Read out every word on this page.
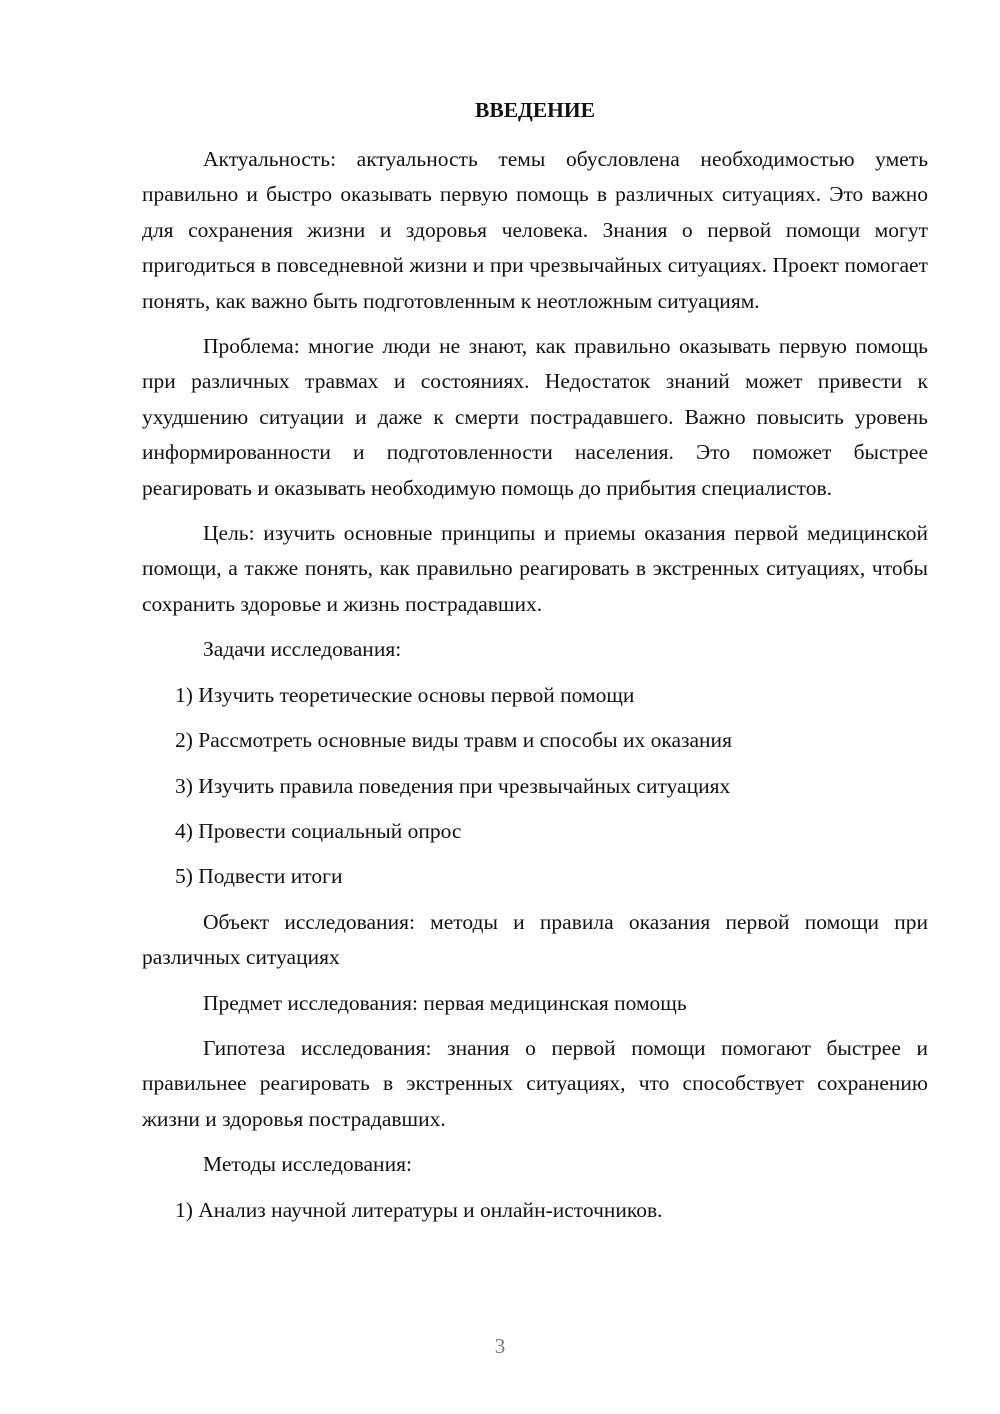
ВВЕДЕНИЕ
Актуальность: актуальность темы обусловлена необходимостью уметь правильно и быстро оказывать первую помощь в различных ситуациях. Это важно для сохранения жизни и здоровья человека. Знания о первой помощи могут пригодиться в повседневной жизни и при чрезвычайных ситуациях. Проект помогает понять, как важно быть подготовленным к неотложным ситуациям.
Проблема: многие люди не знают, как правильно оказывать первую помощь при различных травмах и состояниях. Недостаток знаний может привести к ухудшению ситуации и даже к смерти пострадавшего. Важно повысить уровень информированности и подготовленности населения. Это поможет быстрее реагировать и оказывать необходимую помощь до прибытия специалистов.
Цель: изучить основные принципы и приемы оказания первой медицинской помощи, а также понять, как правильно реагировать в экстренных ситуациях, чтобы сохранить здоровье и жизнь пострадавших.
Задачи исследования:
1) Изучить теоретические основы первой помощи
2) Рассмотреть основные виды травм и способы их оказания
3) Изучить правила поведения при чрезвычайных ситуациях
4) Провести социальный опрос
5) Подвести итоги
Объект исследования: методы и правила оказания первой помощи при различных ситуациях
Предмет исследования: первая медицинская помощь
Гипотеза исследования: знания о первой помощи помогают быстрее и правильнее реагировать в экстренных ситуациях, что способствует сохранению жизни и здоровья пострадавших.
Методы исследования:
1) Анализ научной литературы и онлайн-источников.
3
